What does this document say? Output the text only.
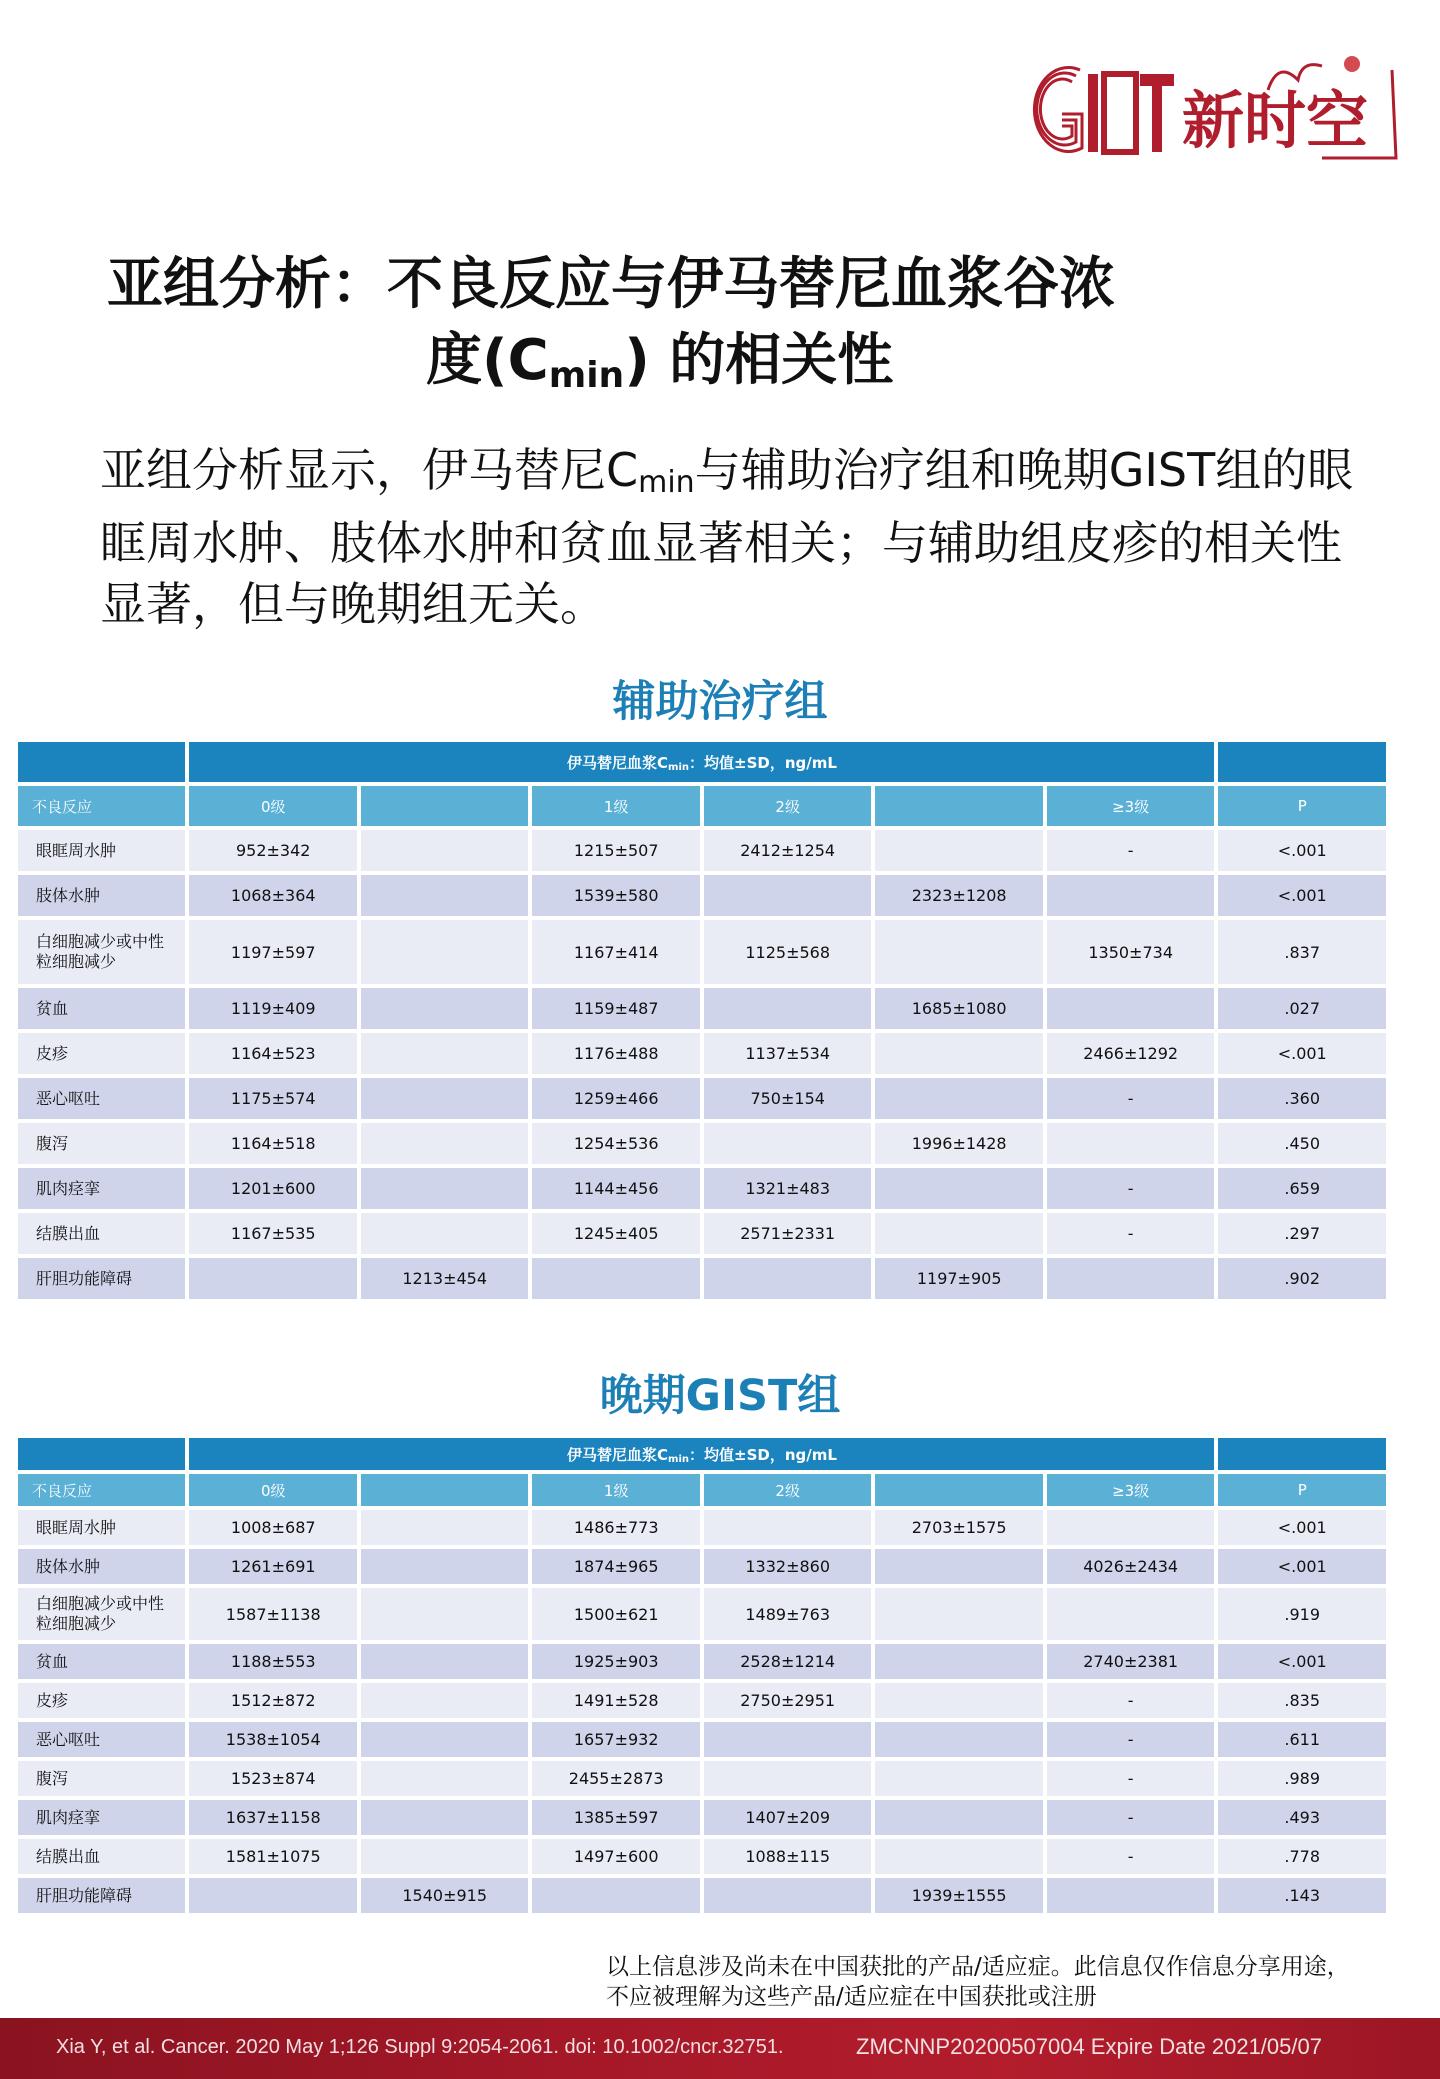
新时空
亚组分析：不良反应与伊马替尼血浆谷浓
度$(C_{min})$ 的相关性
亚组分析显示，伊马替尼$C_{min}$与辅助治疗组和晚期GIST组的眼眶周水肿、肢体水肿和贫血显著相关；与辅助组皮疹的相关性显著，但与晚期组无关。
辅助治疗组
	伊马替尼血浆$C_{min}$：均值±SD，ng/mL						
不良反应	0级		1级	2级		≥3级	P
眼眶周水肿	952±342		1215±507	2412±1254		-	<.001
肢体水肿	1068±364		1539±580		2323±1208		<.001
白细胞减少或中性粒细胞减少	1197±597		1167±414	1125±568		1350±734	.837
贫血	1119±409		1159±487		1685±1080		.027
皮疹	1164±523		1176±488	1137±534		2466±1292	<.001
恶心呕吐	1175±574		1259±466	750±154		-	.360
腹泻	1164±518		1254±536		1996±1428		.450
肌肉痉挛	1201±600		1144±456	1321±483		-	.659
结膜出血	1167±535		1245±405	2571±2331		-	.297
肝胆功能障碍		1213±454			1197±905		.902
晚期GIST组
	伊马替尼血浆$C_{min}$：均值±SD，ng/mL						
不良反应	0级		1级	2级		≥3级	P
眼眶周水肿	1008±687		1486±773		2703±1575		<.001
肢体水肿	1261±691		1874±965	1332±860		4026±2434	<.001
白细胞减少或中性粒细胞减少	1587±1138		1500±621	1489±763			.919
贫血	1188±553		1925±903	2528±1214		2740±2381	<.001
皮疹	1512±872		1491±528	2750±2951		-	.835
恶心呕吐	1538±1054		1657±932			-	.611
腹泻	1523±874		2455±2873			-	.989
肌肉痉挛	1637±1158		1385±597	1407±209		-	.493
结膜出血	1581±1075		1497±600	1088±115		-	.778
肝胆功能障碍		1540±915			1939±1555		.143
以上信息涉及尚未在中国获批的产品/适应症。此信息仅作信息分享用途，
不应被理解为这些产品/适应症在中国获批或注册
Xia Y, et al. Cancer. 2020 May 1;126 Suppl 9:2054-2061. doi: 10.1002/cncr.32751.	ZMCNNP20200507004 Expire Date 2021/05/07
